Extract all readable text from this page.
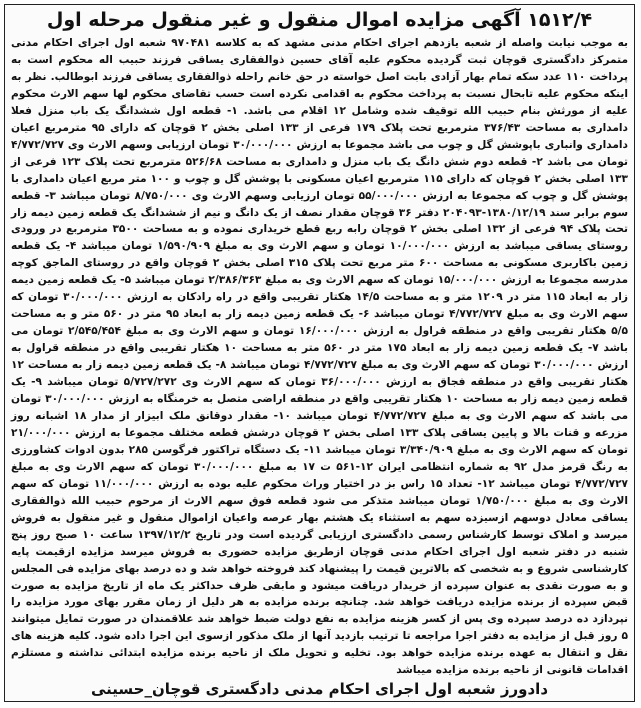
۱۵۱۲/۴ آگهی مزایده اموال منقول و غیر منقول مرحله اول

به موجب نیابت واصله از شعبه یازدهم اجرای احکام مدنی مشهد که به کلاسه ۹۷۰۴۸۱ شعبه اول اجرای احکام مدنی متمرکز دادگستری قوچان ثبت گردیده محکوم علیه آقای حسین ذوالفقاری یساقی فرزند حبیب اله محکوم است به پرداخت ۱۱۰ عدد سکه تمام بهار آزادی بابت اصل خواسته در حق خانم راحله ذوالفقاری یساقی فرزند ابوطالب. نظر به اینکه محکوم علیه تابحال نسبت به پرداخت محکوم به اقدامی نکرده است حسب تقاضای محکوم لها سهم الارث محکوم علیه از مورثش بنام حبیب الله توقیف شده وشامل ۱۲ اقلام می باشد. ۱- قطعه اول ششدانگ یک باب منزل فعلا دامداری به مساحت ۳۷۶/۴۳ مترمربع تحت پلاک ۱۷۹ فرعی از ۱۳۳ اصلی بخش ۲ قوچان که دارای ۹۵ مترمربع اعیان دامداری وانباری باپوشش گل و چوب می باشد مجموعا به ارزش ۳۰/۰۰۰/۰۰۰ تومان ارزیابی وسهم الارث وی ۴/۷۷۲/۷۲۷ تومان می باشد ۲- قطعه دوم شش دانگ یک باب منزل و دامداری به مساحت ۵۲۶/۶۸ مترمربع تحت پلاک ۱۲۳ فرعی از ۱۳۳ اصلی بخش ۲ قوچان که دارای ۱۱۵ مترمربع اعیان مسکونی با پوشش گل و چوب و ۱۰۰ متر مربع اعیان دامداری با پوشش گل و چوب که مجموعا به ارزش ۵۵/۰۰۰/۰۰۰ تومان ارزیابی وسهم الارث وی ۸/۷۵۰/۰۰۰ تومان میباشد ۳- قطعه سوم برابر سند ۱۳۸۰/۱۲/۱۹-۲۰۴۰۹۳ دفتر ۳۶ قوچان مقدار نصف از یک دانگ و نیم از ششدانگ یک قطعه زمین دیمه زار تحت پلاک ۹۴ فرعی از ۱۳۲ اصلی بخش ۲ قوچان رابه ربع قطع خریداری نموده و به مساحت ۳۵۰۰ مترمربع در ورودی روستای یساقی میباشد به ارزش ۱۰/۰۰۰/۰۰۰ تومان و سهم الارث وی به مبلغ ۱/۵۹۰/۹۰۹ تومان میباشد ۴- یک قطعه زمین باکاربری مسکونی به مساحت ۶۰۰ متر مربع تحت پلاک ۳۱۵ اصلی بخش ۲ قوچان واقع در روستای الماجق کوچه مدرسه مجموعا به ارزش ۱۵/۰۰۰/۰۰۰ تومان که سهم الارث وی به مبلغ ۲/۳۸۶/۳۶۳ تومان میباشد ۵- یک قطعه زمین دیمه زار به ابعاد ۱۱۵ متر در ۱۲۰۹ متر و به مساحت ۱۴/۵ هکتار تقریبی واقع در راه رادکان به ارزش ۳۰/۰۰۰/۰۰۰ تومان که سهم الارث وی به مبلغ ۴/۷۷۲/۷۲۷ تومان میباشد ۶- یک قطعه زمین دیمه زار به ابعاد ۹۵ متر در ۵۶۰ متر و به مساحت ۵/۵ هکتار تقریبی واقع در منطقه قراول به ارزش ۱۶/۰۰۰/۰۰۰ تومان و سهم الارث وی به مبلغ ۲/۵۴۵/۴۵۴ تومان می باشد ۷- یک قطعه زمین دیمه زار به ابعاد ۱۷۵ متر در ۵۶۰ متر به مساحت ۱۰ هکتار تقریبی واقع در منطقه قراول به ارزش ۳۰/۰۰۰/۰۰۰ تومان که سهم الارث وی به مبلغ ۴/۷۷۲/۷۲۷ تومان میباشد ۸- یک قطعه زمین دیمه زار به مساحت ۱۲ هکتار تقریبی واقع در منطقه فجاق به ارزش ۳۶/۰۰۰/۰۰۰ تومان که سهم الارث وی ۵/۷۲۷/۲۷۲ تومان میباشد ۹- یک قطعه زمین دیمه زار به مساحت ۱۰ هکتار تقریبی واقع در منطقه اراضی متصل به خرمنگاه به ارزش ۳۰/۰۰۰/۰۰۰ تومان می باشد که سهم الارث وی به مبلغ ۴/۷۷۲/۷۲۷ تومان میباشد ۱۰- مقدار دوقانق ملک ابیزار از مدار ۱۸ اشبانه روز مزرعه و قنات بالا و پایین یساقی پلاک ۱۳۳ اصلی بخش ۲ قوچان درشش قطعه مختلف مجموعا به ارزش ۲۱/۰۰۰/۰۰۰ تومان که سهم الارث وی به مبلغ ۳/۳۴۰/۹۰۹ تومان میباشد ۱۱- یک دستگاه تراکتور فرگوسن ۲۸۵ بدون ادوات کشاورزی به رنگ قرمز مدل ۹۲ به شماره انتظامی ایران ۱۲-۵۶۱ ت ۱۷ به مبلغ ۳۰/۰۰۰/۰۰۰ تومان که سهم الارث وی به مبلغ ۴/۷۷۲/۷۲۷ تومان میباشد ۱۲- تعداد ۱۵ راس بز در اختیار وراث محکوم علیه بوده به ارزش ۱۱/۰۰۰/۰۰۰ تومان که سهم الارث وی به مبلغ ۱/۷۵۰/۰۰۰ تومان میباشد متذکر می شود قطعه فوق سهم الارث از مرحوم حبیب الله ذوالفقاری یساقی معادل دوسهم ازسیزده سهم به استثناء یک هشتم بهار عرصه واعیان ازاموال منقول و غیر منقول به فروش میرسد و املاک توسط کارشناس رسمی دادگستری ارزیابی گردیده است ودر تاریخ ۱۳۹۷/۱۲/۲ ساعت ۱۰ صبح روز پنج شنبه در دفتر شعبه اول اجرای احکام مدنی قوچان ازطریق مزایده حضوری به فروش میرسد مزایده ازقیمت پایه کارشناسی شروع و به شخصی که بالاترین قیمت را پیشنهاد کند فروخته خواهد شد و ده درصد بهای مزایده فی المجلس و به صورت نقدی به عنوان سپرده از خریدار دریافت میشود و مابقی ظرف حداکثر یک ماه از تاریخ مزایده به صورت قبض سپرده از برنده مزایده دریافت خواهد شد. چنانچه برنده مزایده به هر دلیل از زمان مقرر بهای مورد مزایده را نپردازد ده درصد سپرده وی پس از کسر هزینه مزایده به نفع دولت ضبط خواهد شد علاقمندان در صورت تمایل میتوانند ۵ روز قبل از مزایده به دفتر اجرا مراجعه تا ترتیب بازدید آنها از ملک مذکور ازسوی این اجرا داده شود. کلیه هزینه های نقل و انتقال به عهده برنده مزایده خواهد بود. تخلیه و تحویل ملک از ناحیه برنده مزایده ابتدائی نداشته و مستلزم اقدامات قانونی از ناحیه برنده مزایده میباشد

دادورز شعبه اول اجرای احکام مدنی دادگستری قوچان_حسینی
